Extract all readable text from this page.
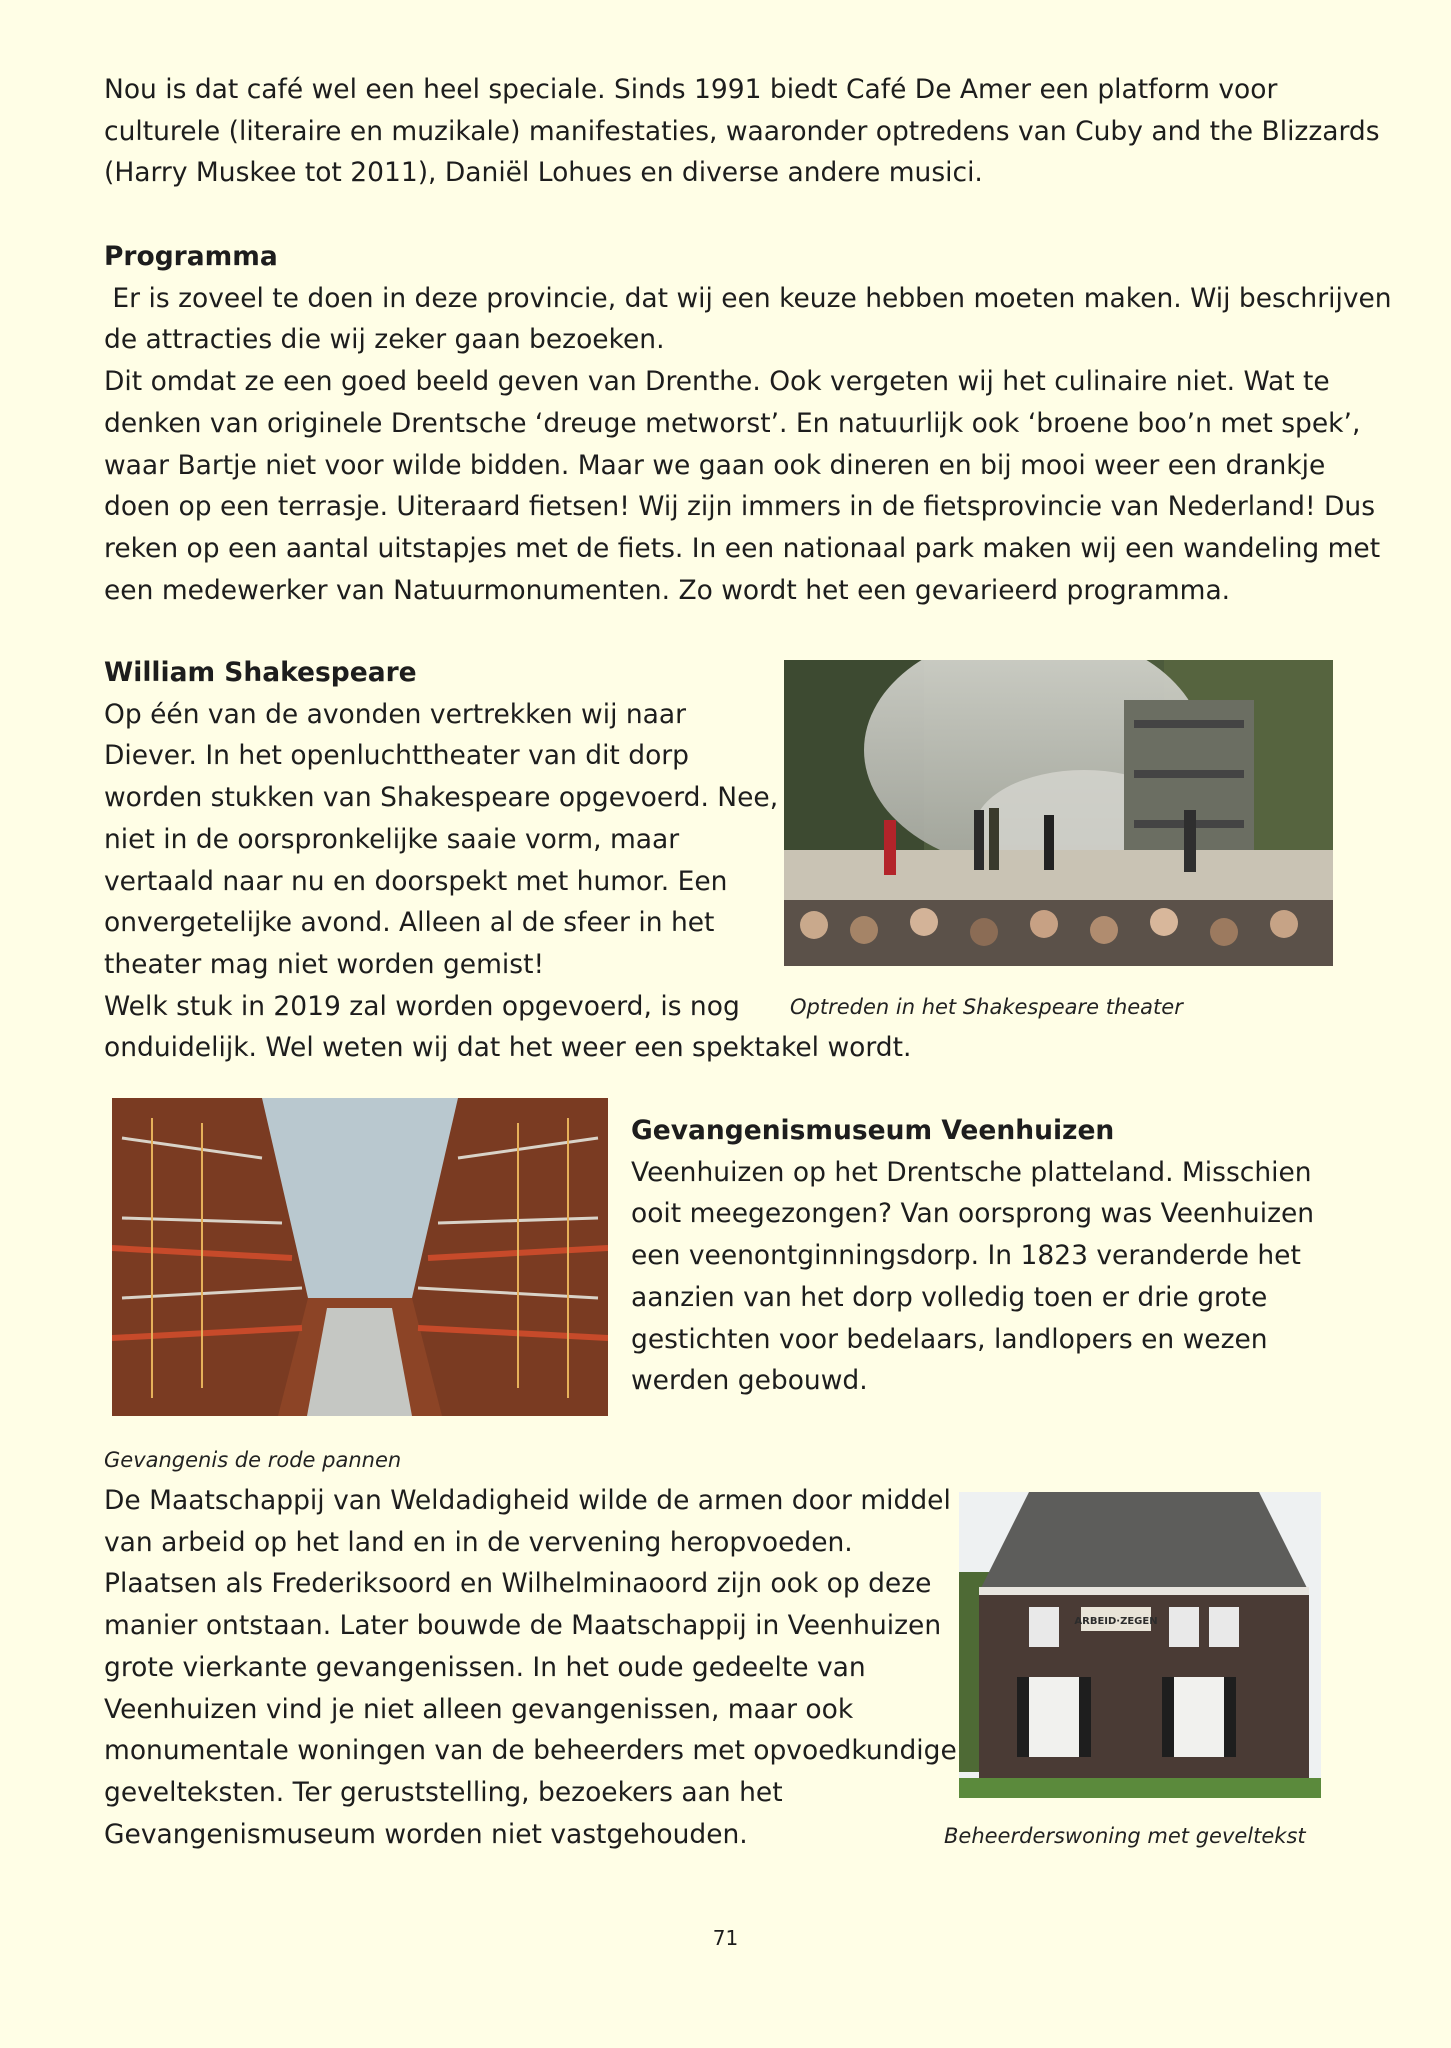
Nou is dat café wel een heel speciale. Sinds 1991 biedt Café De Amer een platform voor
culturele (literaire en muzikale) manifestaties, waaronder optredens van Cuby and the Blizzards
(Harry Muskee tot 2011), Daniël Lohues en diverse andere musici.
Programma
Er is zoveel te doen in deze provincie, dat wij een keuze hebben moeten maken. Wij beschrijven
de attracties die wij zeker gaan bezoeken.
Dit omdat ze een goed beeld geven van Drenthe. Ook vergeten wij het culinaire niet. Wat te
denken van originele Drentsche ‘dreuge metworst’. En natuurlijk ook ‘broene boo’n met spek’,
waar Bartje niet voor wilde bidden. Maar we gaan ook dineren en bij mooi weer een drankje
doen op een terrasje. Uiteraard fietsen! Wij zijn immers in de fietsprovincie van Nederland! Dus
reken op een aantal uitstapjes met de fiets. In een nationaal park maken wij een wandeling met
een medewerker van Natuurmonumenten. Zo wordt het een gevarieerd programma.
William Shakespeare
Op één van de avonden vertrekken wij naar
Diever. In het openluchttheater van dit dorp
worden stukken van Shakespeare opgevoerd. Nee,
niet in de oorspronkelijke saaie vorm, maar
vertaald naar nu en doorspekt met humor. Een
onvergetelijke avond. Alleen al de sfeer in het
theater mag niet worden gemist!
Welk stuk in 2019 zal worden opgevoerd, is nog
onduidelijk. Wel weten wij dat het weer een spektakel wordt.
Optreden in het Shakespeare theater
Gevangenismuseum Veenhuizen
Veenhuizen op het Drentsche platteland. Misschien
ooit meegezongen? Van oorsprong was Veenhuizen
een veenontginningsdorp. In 1823 veranderde het
aanzien van het dorp volledig toen er drie grote
gestichten voor bedelaars, landlopers en wezen
werden gebouwd.
Gevangenis de rode pannen
De Maatschappij van Weldadigheid wilde de armen door middel
van arbeid op het land en in de vervening heropvoeden.
Plaatsen als Frederiksoord en Wilhelminaoord zijn ook op deze
manier ontstaan. Later bouwde de Maatschappij in Veenhuizen
grote vierkante gevangenissen. In het oude gedeelte van
Veenhuizen vind je niet alleen gevangenissen, maar ook
monumentale woningen van de beheerders met opvoedkundige
gevelteksten. Ter geruststelling, bezoekers aan het
Gevangenismuseum worden niet vastgehouden.
ARBEID·ZEGEN
Beheerderswoning met geveltekst
71
